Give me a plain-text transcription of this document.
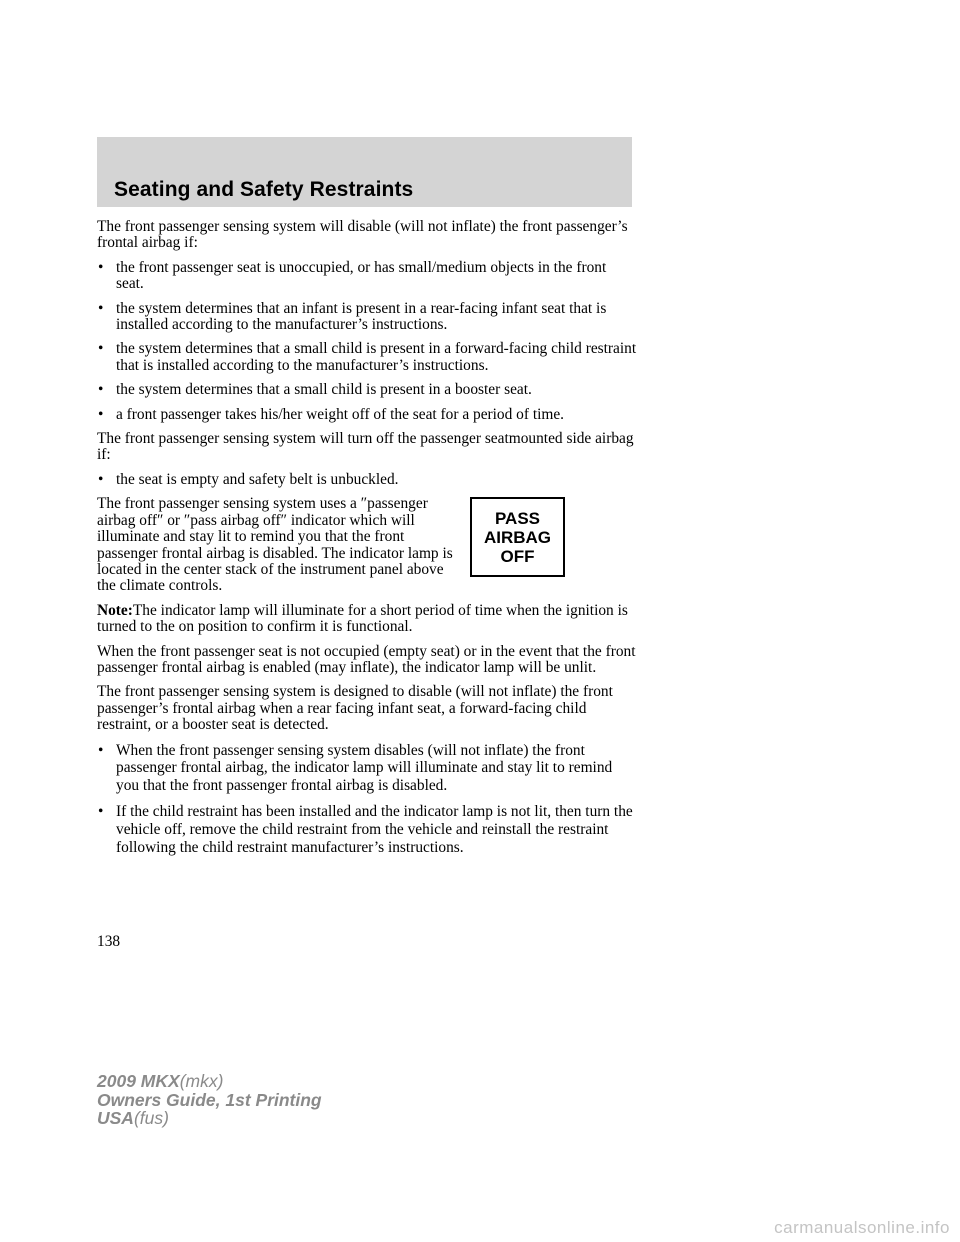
Seating and Safety Restraints

The front passenger sensing system will disable (will not inflate) the front passenger’s frontal airbag if:

• the front passenger seat is unoccupied, or has small/medium objects in the front seat.
• the system determines that an infant is present in a rear-facing infant seat that is installed according to the manufacturer’s instructions.
• the system determines that a small child is present in a forward-facing child restraint that is installed according to the manufacturer’s instructions.
• the system determines that a small child is present in a booster seat.
• a front passenger takes his/her weight off of the seat for a period of time.

The front passenger sensing system will turn off the passenger seatmounted side airbag if:

• the seat is empty and safety belt is unbuckled.
PASS
AIRBAG
OFF

The front passenger sensing system uses a ″passenger airbag off″ or ″pass airbag off″ indicator which will illuminate and stay lit to remind you that the front passenger frontal airbag is disabled. The indicator lamp is located in the center stack of the instrument panel above the climate controls.

Note:The indicator lamp will illuminate for a short period of time when the ignition is turned to the on position to confirm it is functional.

When the front passenger seat is not occupied (empty seat) or in the event that the front passenger frontal airbag is enabled (may inflate), the indicator lamp will be unlit.

The front passenger sensing system is designed to disable (will not inflate) the front passenger’s frontal airbag when a rear facing infant seat, a forward-facing child restraint, or a booster seat is detected.

• When the front passenger sensing system disables (will not inflate) the front passenger frontal airbag, the indicator lamp will illuminate and stay lit to remind you that the front passenger frontal airbag is disabled.
• If the child restraint has been installed and the indicator lamp is not lit, then turn the vehicle off, remove the child restraint from the vehicle and reinstall the restraint following the child restraint manufacturer’s instructions.
138
2009 MKX(mkx)
Owners Guide, 1st Printing
USA(fus)
carmanualsonline.info
